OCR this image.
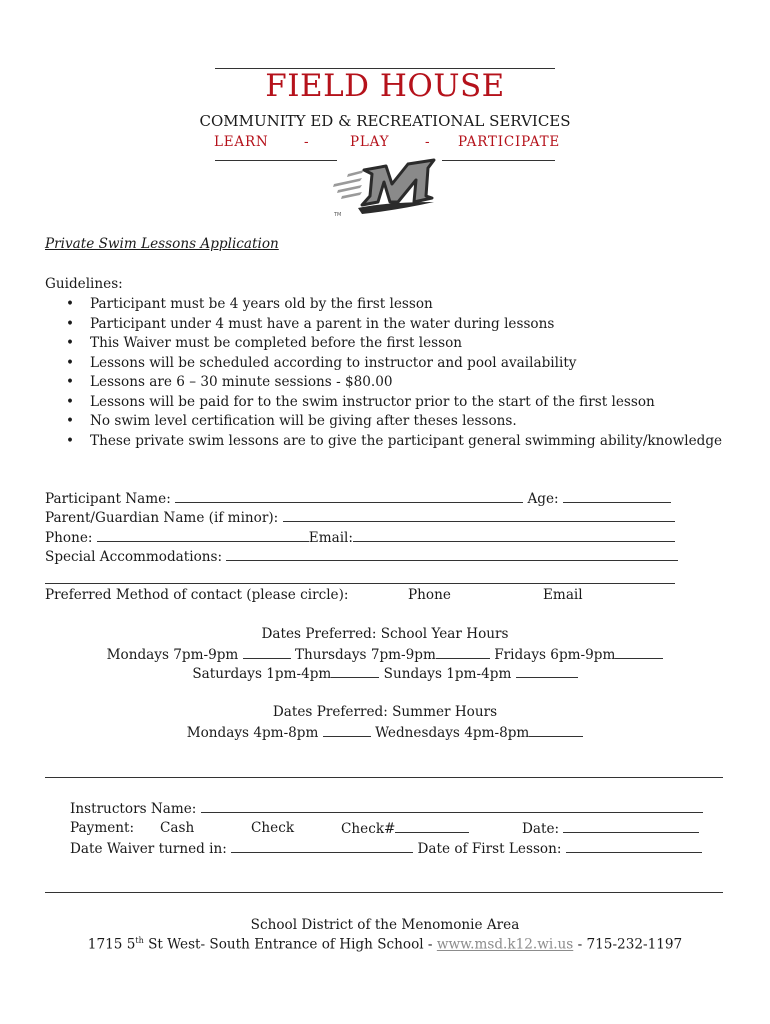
FIELD HOUSE
COMMUNITY ED & RECREATIONAL SERVICES
LEARN	-	PLAY	- PARTICIPATE
TM
Private Swim Lessons Application
Guidelines:
• Participant must be 4 years old by the first lesson
• Participant under 4 must have a parent in the water during lessons
• This Waiver must be completed before the first lesson
• Lessons will be scheduled according to instructor and pool availability
• Lessons are 6 – 30 minute sessions - $80.00
• Lessons will be paid for to the swim instructor prior to the start of the first lesson
• No swim level certification will be giving after theses lessons.
• These private swim lessons are to give the participant general swimming ability/knowledge
Participant Name:	Age:
Parent/Guardian Name (if minor):
Phone:	Email:
Special Accommodations:
Preferred Method of contact (please circle):	Phone	Email
Dates Preferred: School Year Hours
Mondays 7pm-9pm	Thursdays 7pm-9pm	Fridays 6pm-9pm
Saturdays 1pm-4pm	Sundays 1pm-4pm
Dates Preferred: Summer Hours
Mondays 4pm-8pm	Wednesdays 4pm-8pm
Instructors Name:
Payment: Cash	Check	Check#	Date:
Date Waiver turned in:	Date of First Lesson:
School District of the Menomonie Area
1715 5th St West- South Entrance of High School - www.msd.k12.wi.us - 715-232-1197
